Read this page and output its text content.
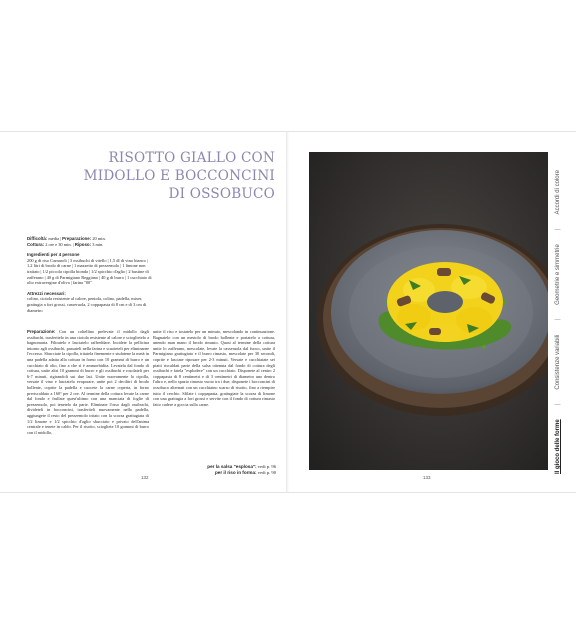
RISOTTO GIALLO CON
MIDOLLO E BOCCONCINI
DI OSSOBUCO

Difficoltà: media | Preparazione: 20 min.

Cottura: 2 ore e 30 min. | Riposo: 3 min.

Ingredienti per 4 persone

200 g di riso Carnaroli | 3 ossibuchi di vitello | 1,5 dl di vino bianco | 1,2 litri di brodo di carne | 1 mazzetto di prezzemolo | 1 limone non trattato | 1/2 piccola cipolla bionda | 1/2 spicchio d'aglio | 2 bustine di zafferano | 40 g di Parmigiano Reggiano | 40 g di burro | 1 cucchiaio di olio extravergine d'oliva | farina "00"

Attrezzi necessari:

colino, ciotola resistente al calore, pentola, colino, padella, mixer, grattugia a fori grossi, casseruola, 2 coppapasta di 8 cm e di 3 cm di diametro

Preparazione: Con un coltellino prelevate il midollo dagli ossibuchi, trasferitelo in una ciotola resistente al calore e scioglietelo a bagnomaria. Filtratelo e lasciatelo raffreddare. Incidete la pellicina intorno agli ossibuchi, passateli nella farina e scuoteteli per eliminarne l'eccesso. Sbucciate la cipolla, tritatela finemente e stufatene la metà in una padella adatta alla cottura in forno con 10 grammi di burro e un cucchiaio di olio, fino a che sì è ammorbidita. Levatela dal fondo di cottura, unite altri 10 grammi di burro e gli ossibuchi e rosolateli per 6-7 minuti, rigirandoli sui due lati. Unite nuovamente la cipolla, versate il vino e lasciatelo evaporare, unite poi 2 decilitri di brodo bollente, coprite la padella e cuocete la carne coperta, in forno preriscaldato a 160° per 2 ore. Al termine della cottura levate la carne dal fondo e frullate quest'ultimo con una manciata di foglie di prezzemolo, poi tenetelo da parte. Eliminate l'osso dagli ossibuchi, divideteli in bocconcini, trasferiteli nuovamente nella padella, aggiungete il resto del prezzemolo tritato con la scorza grattugiata di 1/2 limone e 1/2 spicchio d'aglio sbucciato e privato dell'anima centrale e tenete in caldo. Per il risotto, sciogliete 10 grammi di burro con il midollo,

unite il riso e tostatelo per un minuto, mescolando in continuazione. Bagnatelo con un mestolo di brodo bollente e portatelo a cottura, unendo man mano il brodo rimasto. Quasi al termine della cottura unite lo zafferano, mescolate, levate la casseruola dal fuoco, unite il Parmigiano grattugiato e il burro rimasto, mescolate per 30 secondi, coprite e lasciate riposare per 2-3 minuti. Versate e cucchiaiate sei piatti riscaldati parte della salsa ottenuta dal fondo di cottura degli ossibuchi e fatela "esplodere" con un cucchiaio. Disponete al centro 2 coppapasta di 8 centimetri e di 3 centimetri di diametro uno dentro l'altro e, nello spazio rimasto vuoto tra i due, disponete i bocconcini di ossobuco alternati con un cucchiaino scarso di risotto, fino a riempire tutto il cerchio. Sfilate i coppapasta, grattugiate la scorza di limone con una grattugia a fori grossi e servite con il fondo di cottura rimasto fatto cadere a goccia sulla carne.

per la salsa "esplosa": vedi p. 96

per il riso in forma: vedi p. 90

132	133
Accordi di colore
|
Geometrie e simmetrie
|
Consistenze variabili
|
Il gioco delle forme
